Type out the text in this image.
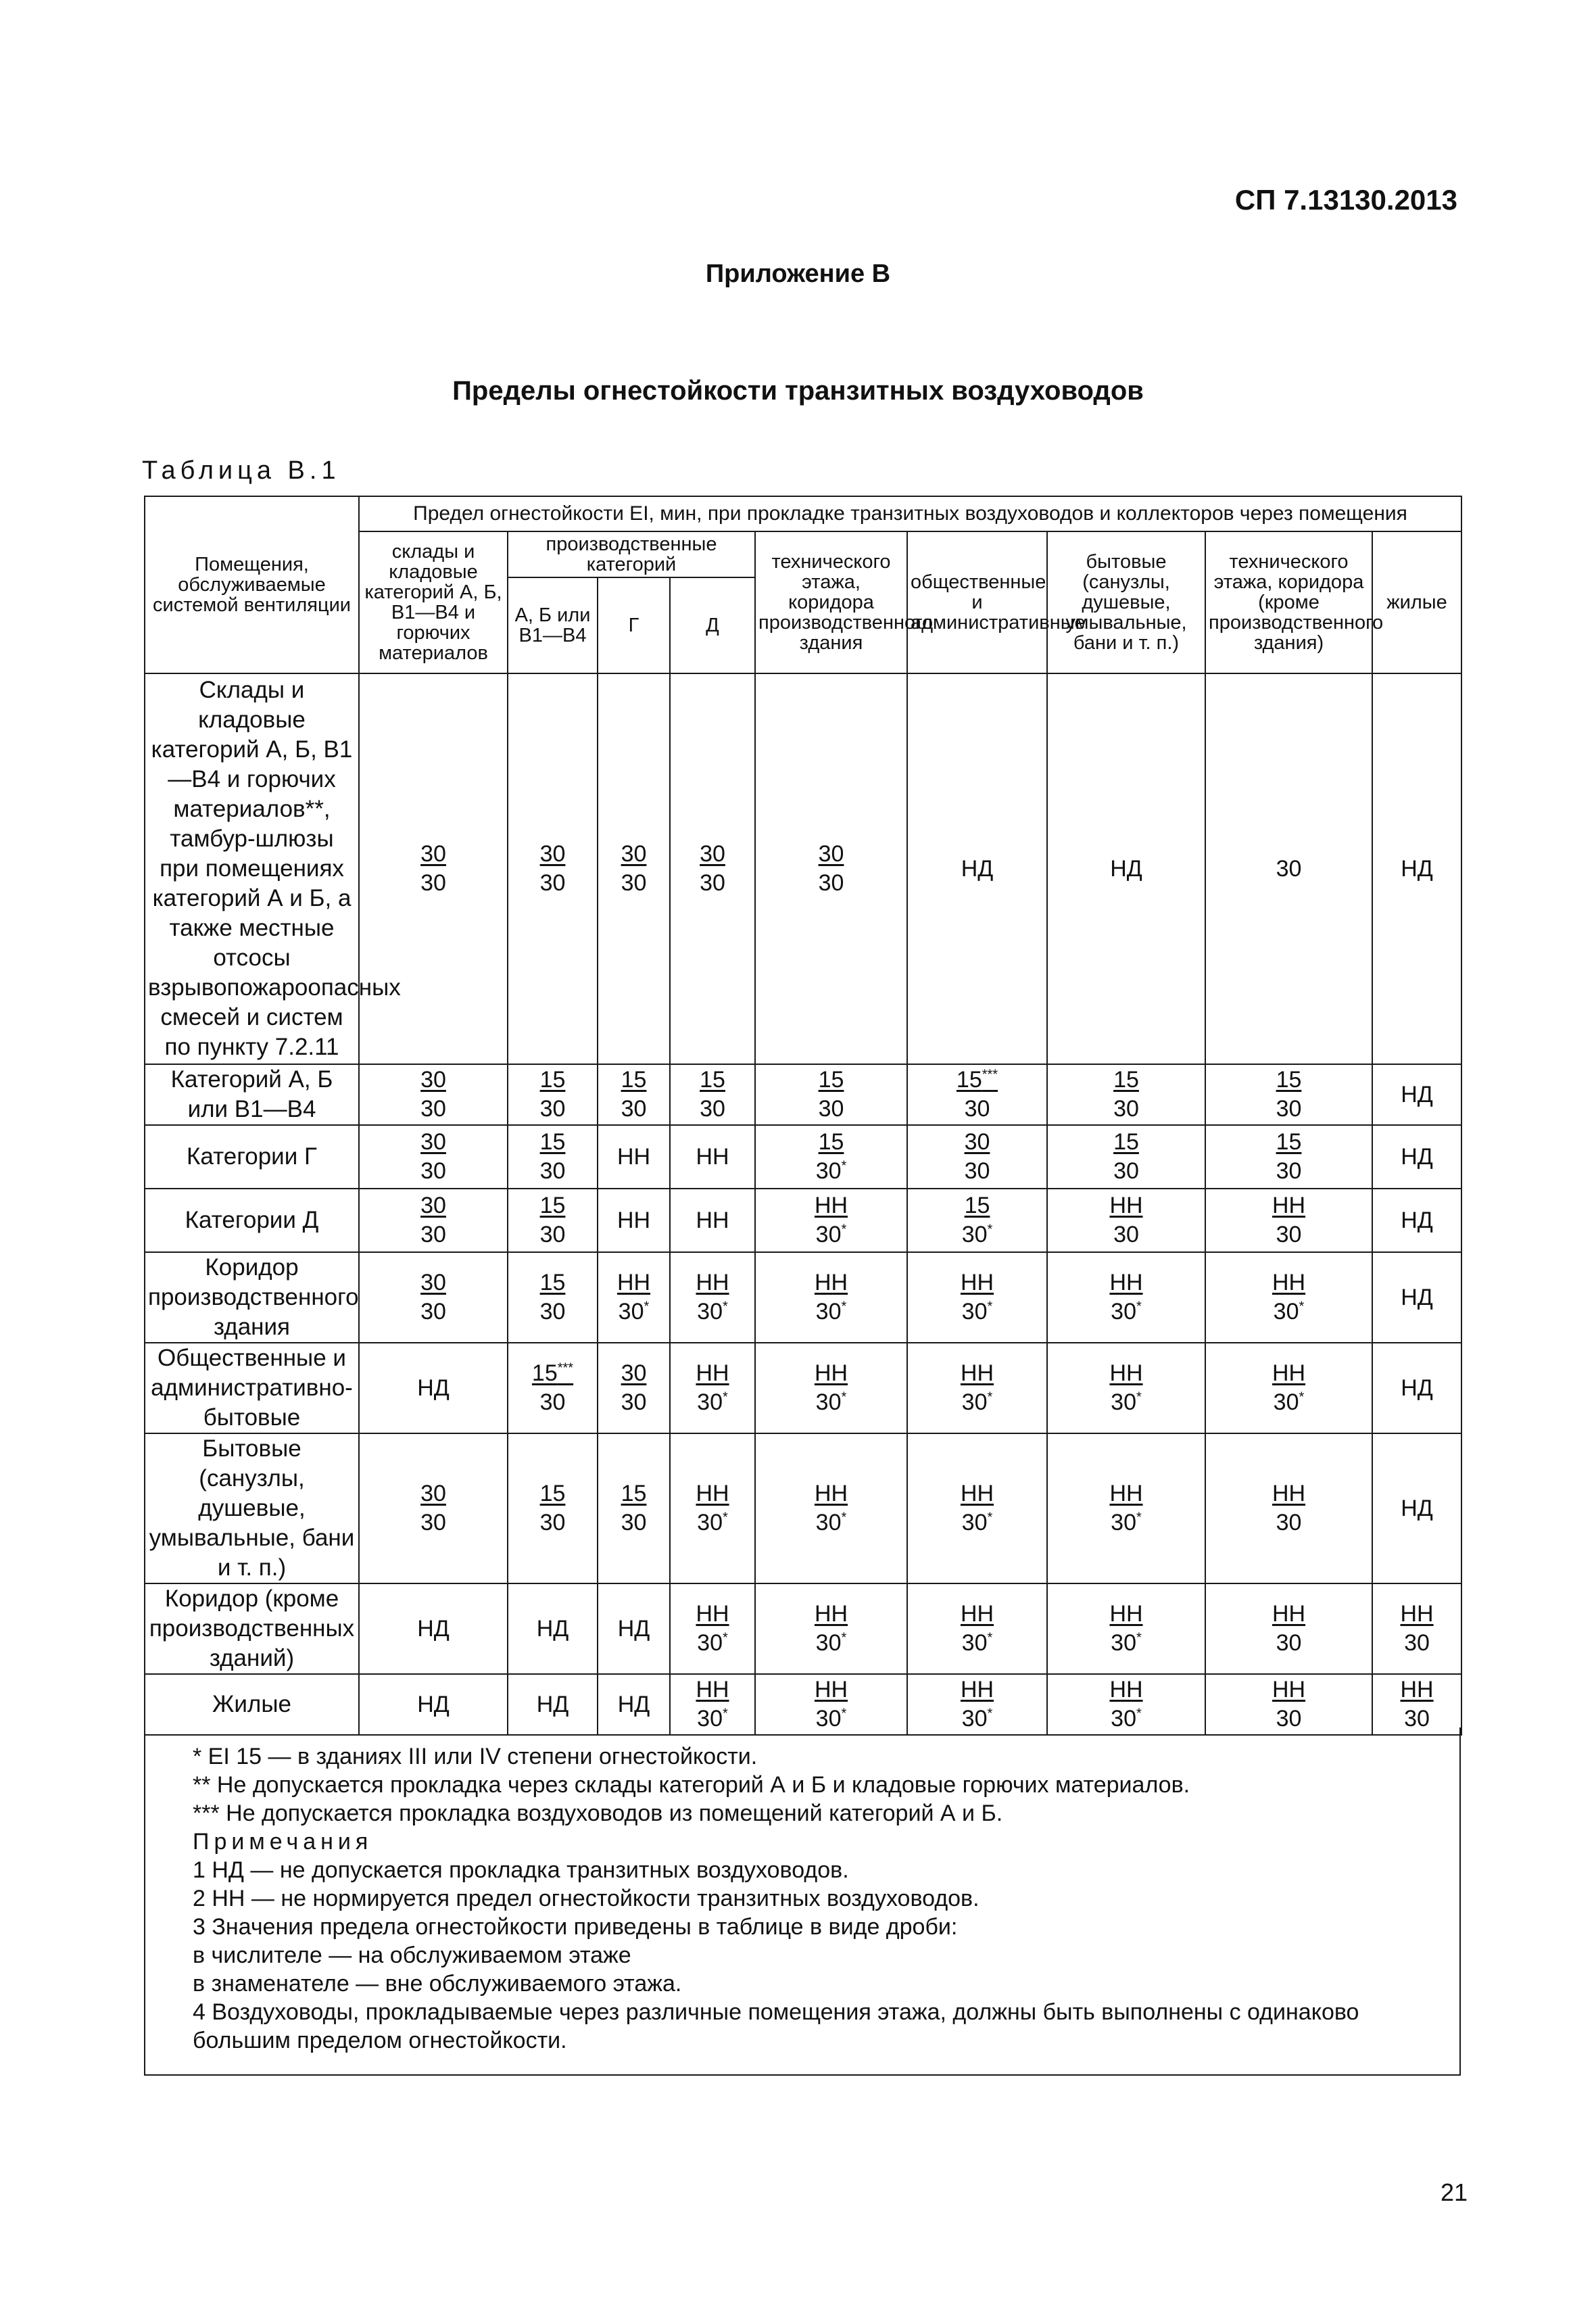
СП 7.13130.2013
Приложение В
Пределы огнестойкости транзитных воздуховодов
Таблица В.1
Помещения, обслуживаемые системой вентиляции	Предел огнестойкости EI, мин, при прокладке транзитных воздуховодов и коллекторов через помещения								
	склады и кладовые категорий А, Б, В1—В4 и горючих материалов	производственные категорий			технического этажа, коридора производственного здания	общественные и административные	бытовые (санузлы, душевые, умывальные, бани и т. п.)	технического этажа, коридора (кроме производственного здания)	жилые
		А, Б или В1—В4	Г	Д					
Склады и кладовые категорий А, Б, В1—В4 и горючих материалов**, тамбур-шлюзы при помещениях категорий А и Б, а также местные отсосы взрывопожароопасных смесей и систем по пункту 7.2.11	$\frac{30}{30}$	$\frac{30}{30}$	$\frac{30}{30}$	$\frac{30}{30}$	$\frac{30}{30}$	НД	НД	30	НД
Категорий А, Б или В1—В4	$\frac{30}{30}$	$\frac{15}{30}$	$\frac{15}{30}$	$\frac{15}{30}$	$\frac{15}{30}$	$\frac{15^{***}}{30}$	$\frac{15}{30}$	$\frac{15}{30}$	НД
Категории Г	$\frac{30}{30}$	$\frac{15}{30}$	НН	НН	$\frac{15}{30^*}$	$\frac{30}{30}$	$\frac{15}{30}$	$\frac{15}{30}$	НД
Категории Д	$\frac{30}{30}$	$\frac{15}{30}$	НН	НН	$\frac{НН}{30^*}$	$\frac{15}{30^*}$	$\frac{НН}{30}$	$\frac{НН}{30}$	НД
Коридор производственного здания	$\frac{30}{30}$	$\frac{15}{30}$	$\frac{НН}{30^*}$	$\frac{НН}{30^*}$	$\frac{НН}{30^*}$	$\frac{НН}{30^*}$	$\frac{НН}{30^*}$	$\frac{НН}{30^*}$	НД
Общественные и административно-бытовые	НД	$\frac{15^{***}}{30}$	$\frac{30}{30}$	$\frac{НН}{30^*}$	$\frac{НН}{30^*}$	$\frac{НН}{30^*}$	$\frac{НН}{30^*}$	$\frac{НН}{30^*}$	НД
Бытовые (санузлы, душевые, умывальные, бани и т. п.)	$\frac{30}{30}$	$\frac{15}{30}$	$\frac{15}{30}$	$\frac{НН}{30^*}$	$\frac{НН}{30^*}$	$\frac{НН}{30^*}$	$\frac{НН}{30^*}$	$\frac{НН}{30}$	НД
Коридор (кроме производственных зданий)	НД	НД	НД	$\frac{НН}{30^*}$	$\frac{НН}{30^*}$	$\frac{НН}{30^*}$	$\frac{НН}{30^*}$	$\frac{НН}{30}$	$\frac{НН}{30}$

Жилые	НД	НД	НД	$\frac{НН}{30^*}$	$\frac{НН}{30^*}$	$\frac{НН}{30^*}$	$\frac{НН}{30^*}$	$\frac{НН}{30}$	$\frac{НН}{30}$

* EI 15 — в зданиях III или IV степени огнестойкости.

** Не допускается прокладка через склады категорий А и Б и кладовые горючих материалов.

*** Не допускается прокладка воздуховодов из помещений категорий А и Б.

Примечания

1 НД — не допускается прокладка транзитных воздуховодов.

2 НН — не нормируется предел огнестойкости транзитных воздуховодов.

3 Значения предела огнестойкости приведены в таблице в виде дроби:

в числителе — на обслуживаемом этаже

в знаменателе — вне обслуживаемого этажа.

4 Воздуховоды, прокладываемые через различные помещения этажа, должны быть выполнены с одинаково большим пределом огнестойкости.

21
